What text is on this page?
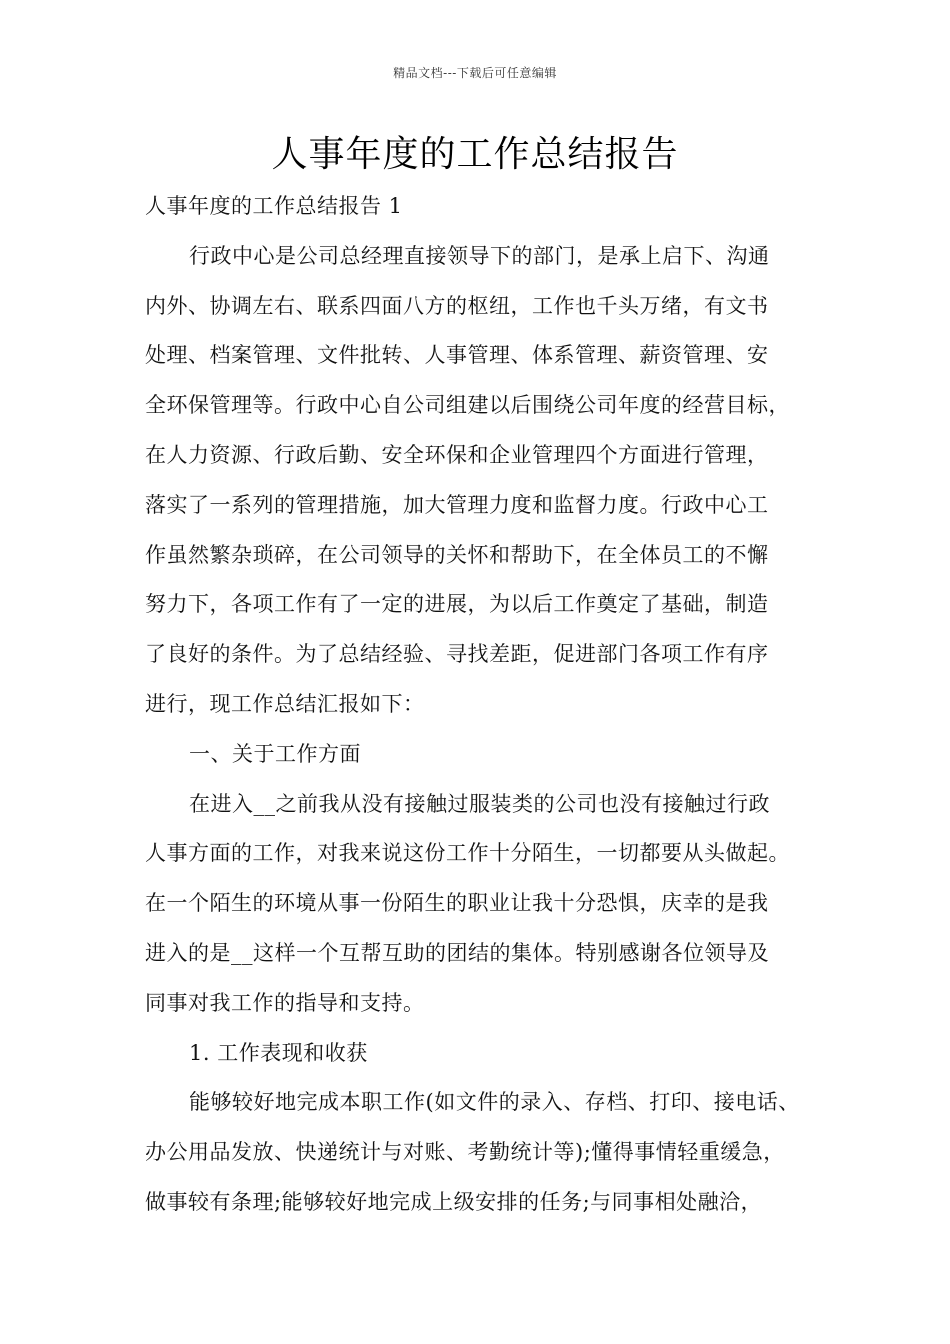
精品文档---下载后可任意编辑
人事年度的工作总结报告
人事年度的工作总结报告 1
行政中心是公司总经理直接领导下的部门，是承上启下、沟通
内外、协调左右、联系四面八方的枢纽，工作也千头万绪，有文书
处理、档案管理、文件批转、人事管理、体系管理、薪资管理、安
全环保管理等。行政中心自公司组建以后围绕公司年度的经营目标，
在人力资源、行政后勤、安全环保和企业管理四个方面进行管理，
落实了一系列的管理措施，加大管理力度和监督力度。行政中心工
作虽然繁杂琐碎，在公司领导的关怀和帮助下，在全体员工的不懈
努力下，各项工作有了一定的进展，为以后工作奠定了基础，制造
了良好的条件。为了总结经验、寻找差距，促进部门各项工作有序
进行，现工作总结汇报如下：
一、关于工作方面
在进入__之前我从没有接触过服装类的公司也没有接触过行政
人事方面的工作，对我来说这份工作十分陌生，一切都要从头做起。
在一个陌生的环境从事一份陌生的职业让我十分恐惧，庆幸的是我
进入的是__这样一个互帮互助的团结的集体。特别感谢各位领导及
同事对我工作的指导和支持。
1. 工作表现和收获
能够较好地完成本职工作(如文件的录入、存档、打印、接电话、
办公用品发放、快递统计与对账、考勤统计等);懂得事情轻重缓急，
做事较有条理;能够较好地完成上级安排的任务;与同事相处融洽，
